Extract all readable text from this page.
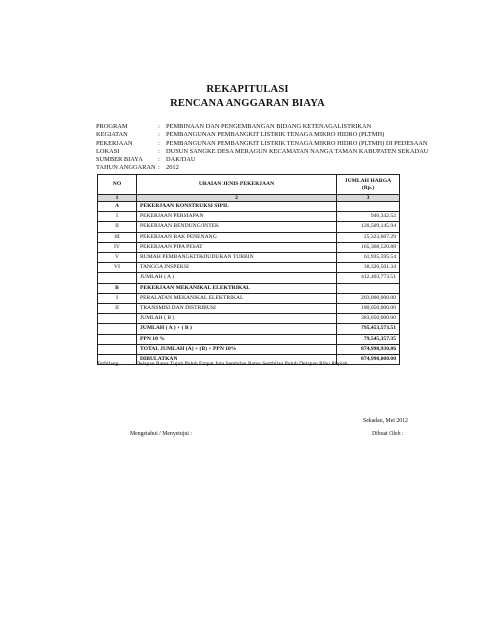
REKAPITULASI
RENCANA ANGGARAN BIAYA
PROGRAM	: PEMBINAAN DAN PENGEMBANGAN BIDANG KETENAGALISTRIKAN
KEGIATAN	: PEMBANGUNAN PEMBANGKIT LISTRIK TENAGA MIKRO HIDRO (PLTMH)
PEKERJAAN	: PEMBANGUNAN PEMBANGKIT LISTRIK TENAGA MIKRO HIDRO (PLTMH) DI PEDESAAN
LOKASI	: DUSUN SANGKE DESA MERAGUN KECAMATAN NANGA TAMAN KABUPATEN SEKADAU
SUMBER BIAYA	: DAK/DAU
TAHUN ANGGARAN : 2012
NO	URAIAN JENIS PEKERJAAN	JUMLAH HARGA
(Rp.)
1	2	3
A	PEKERJAAN KONSTRUKSI SIPIL	
I	PEKERJAAN PERSIAPAN	946,342.52
II	PEKERJAAN BENDUNG/INTEK	120,509,145.94
III	PEKERJAAN BAK PENENANG	25,323,667.29
IV	PEKERJAAN PIPA PESAT	165,368,520.88
V	RUMAH PEMBANGKIT&DUDUKAN TURBIN	61,935,595.54
VI	TANGGA INSPEKSI	38,320,501.34
	JUMLAH ( A )	412,403,773.51
B	PEKERJAAN MEKANIKAL ELEKTRIKAL	
I	PERALATAN MEKANIKAL ELEKTRIKAL	203,000,000.00
II	TRANSMISI DAN DISTRIBUSI	180,050,000.00
	JUMLAH ( B )	383,050,000.00
	JUMLAH ( A ) + ( B )	795,453,573.51
	PPN 10 %	79,545,357.35
	TOTAL JUMLAH (A) + (B) + PPN 10%	874,998,930.86
	DIBULATKAN	874,998,000.00
Terbilang	: Delapan Ratus Tujuh Puluh Empat Juta Sembilan Ratus Sembilan Puluh Delapan Ribu Rupiah
Sekadau, Mei 2012
Mengetahui / Menyetujui :	Dibuat Oleh :
